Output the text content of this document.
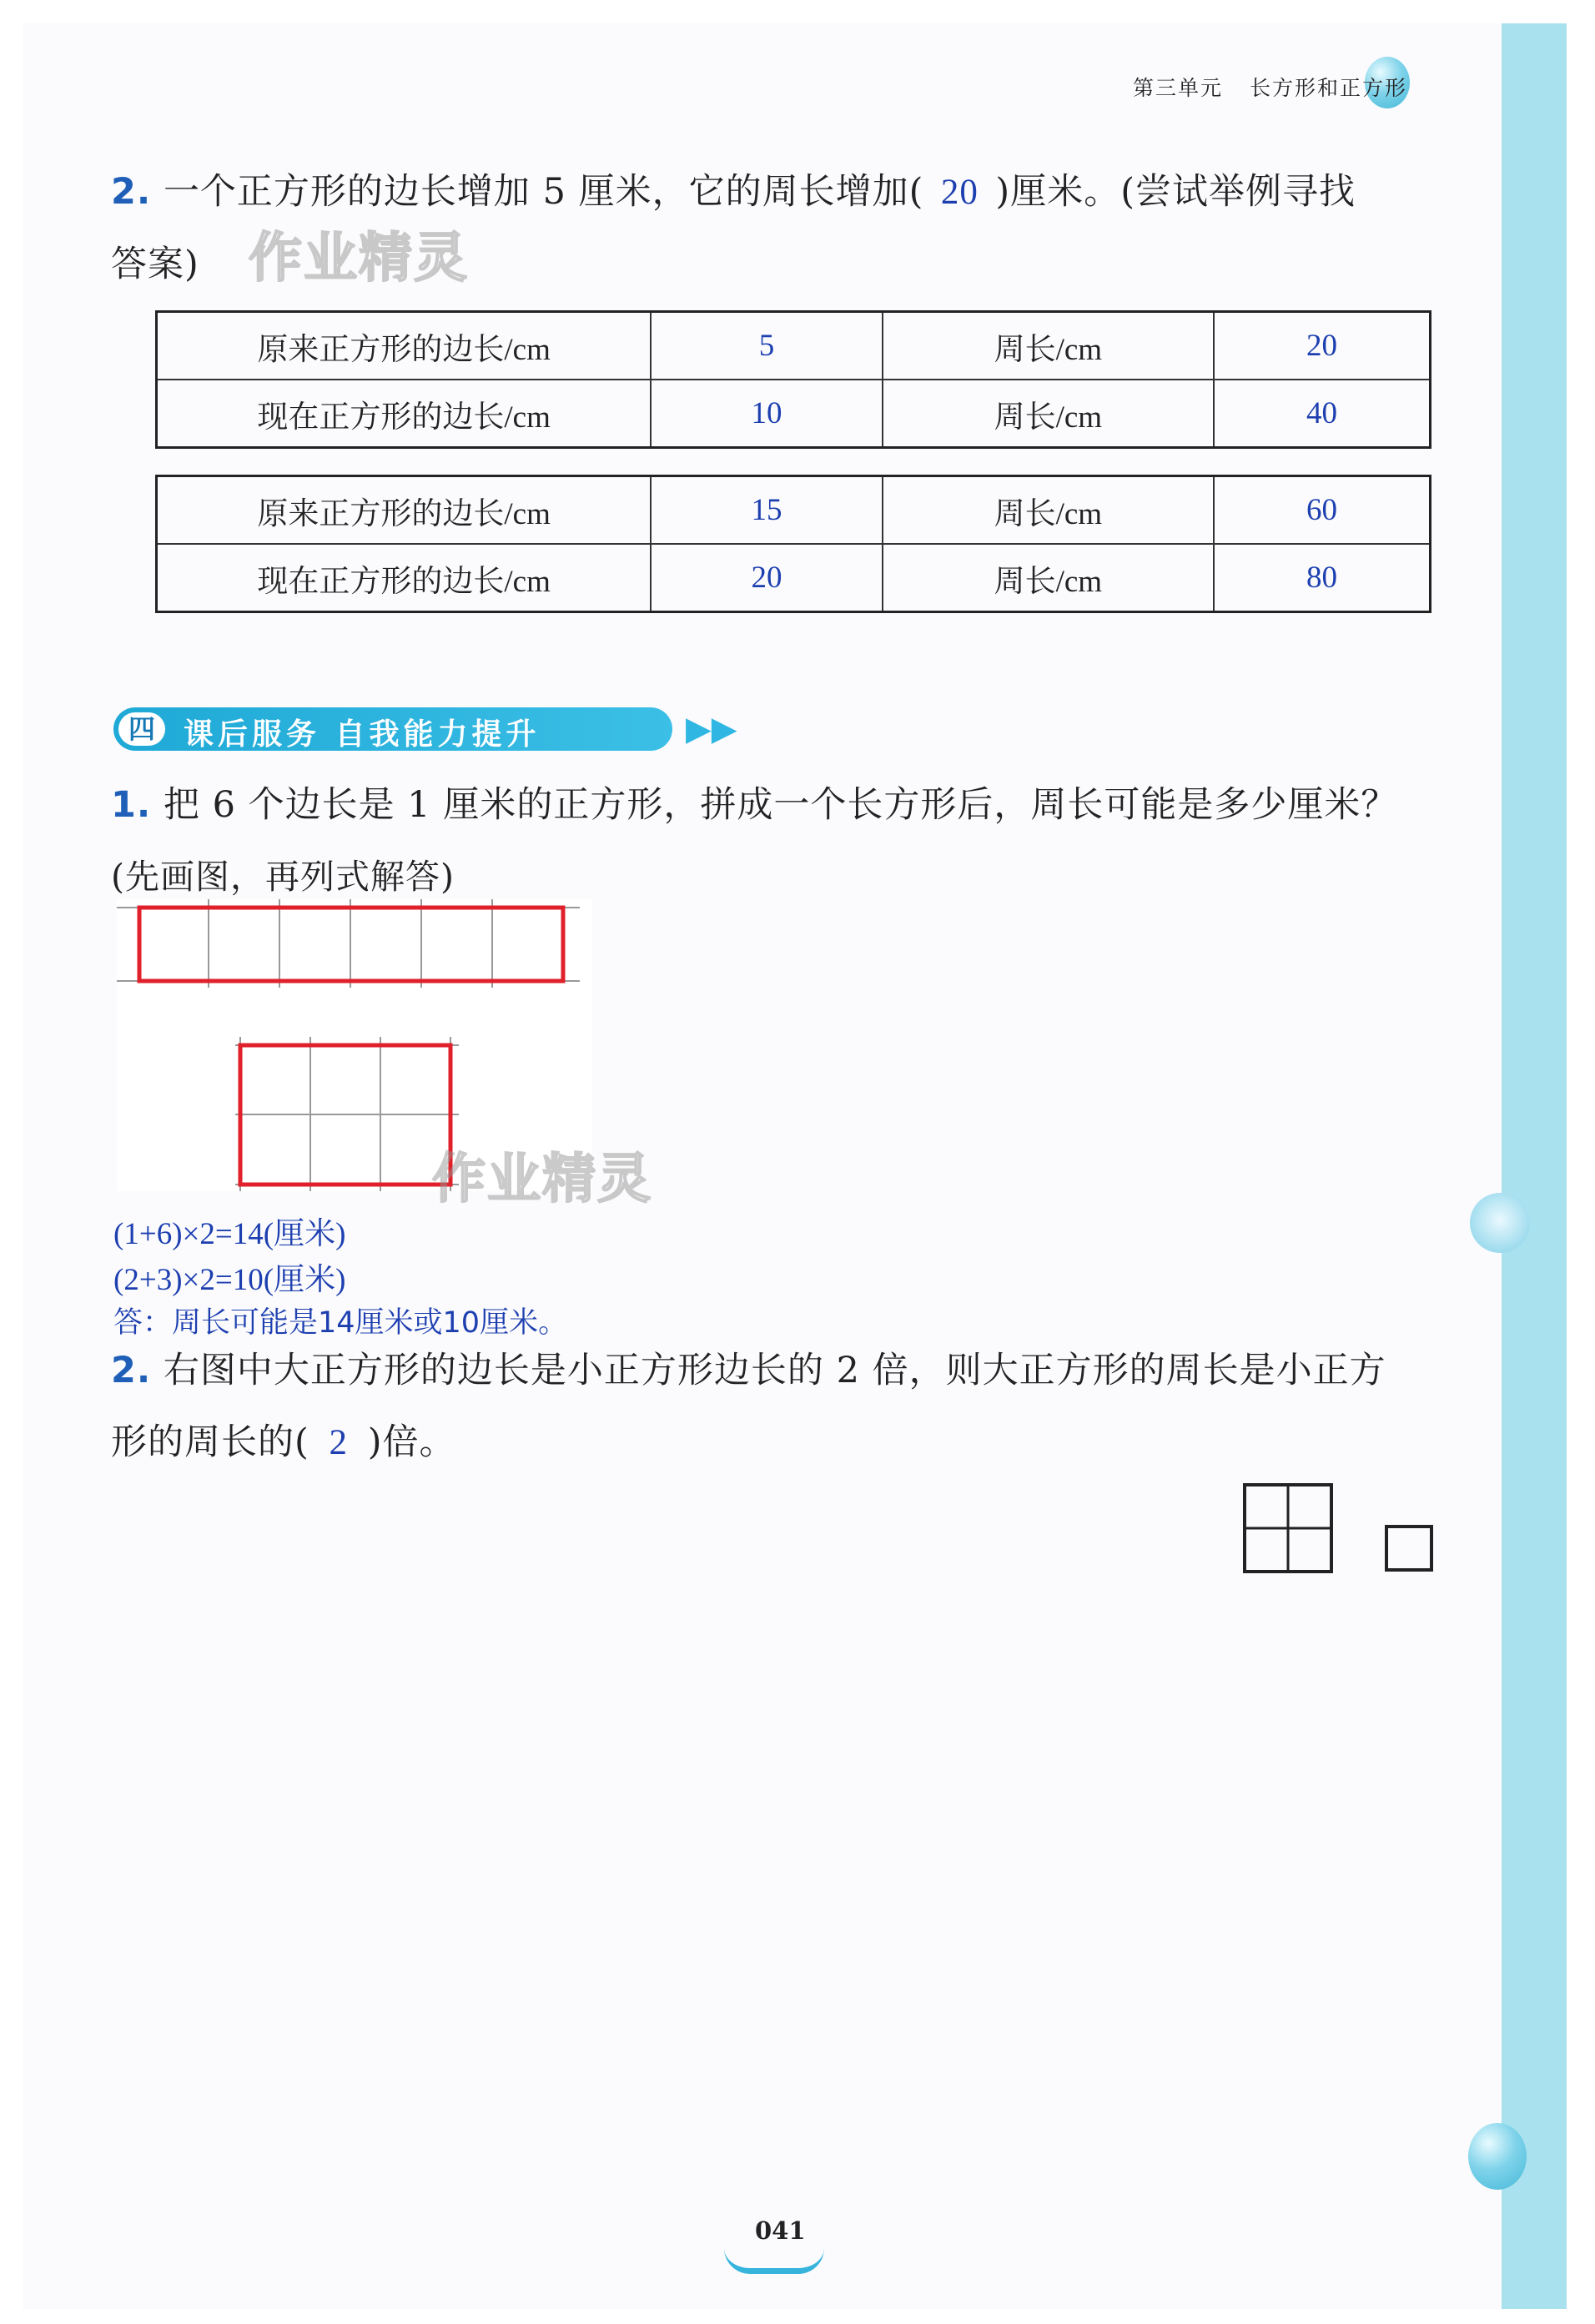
第三单元 长方形和正方形
2. 一个正方形的边长增加 5 厘米，它的周长增加( 20 )厘米。(尝试举例寻找
答案) 作业精灵
原来正方形的边长/cm	5	周长/cm	20
现在正方形的边长/cm	10	周长/cm	40
原来正方形的边长/cm	15	周长/cm	60
现在正方形的边长/cm	20	周长/cm	80
四 课后服务 自我能力提升	▶▶
1. 把 6 个边长是 1 厘米的正方形，拼成一个长方形后，周长可能是多少厘米？
(先画图，再列式解答)
作业精灵
(1+6)×2=14(厘米)
(2+3)×2=10(厘米)
答：周长可能是14厘米或10厘米。
2. 右图中大正方形的边长是小正方形边长的 2 倍，则大正方形的周长是小正方
形的周长的( 2 )倍。
041
